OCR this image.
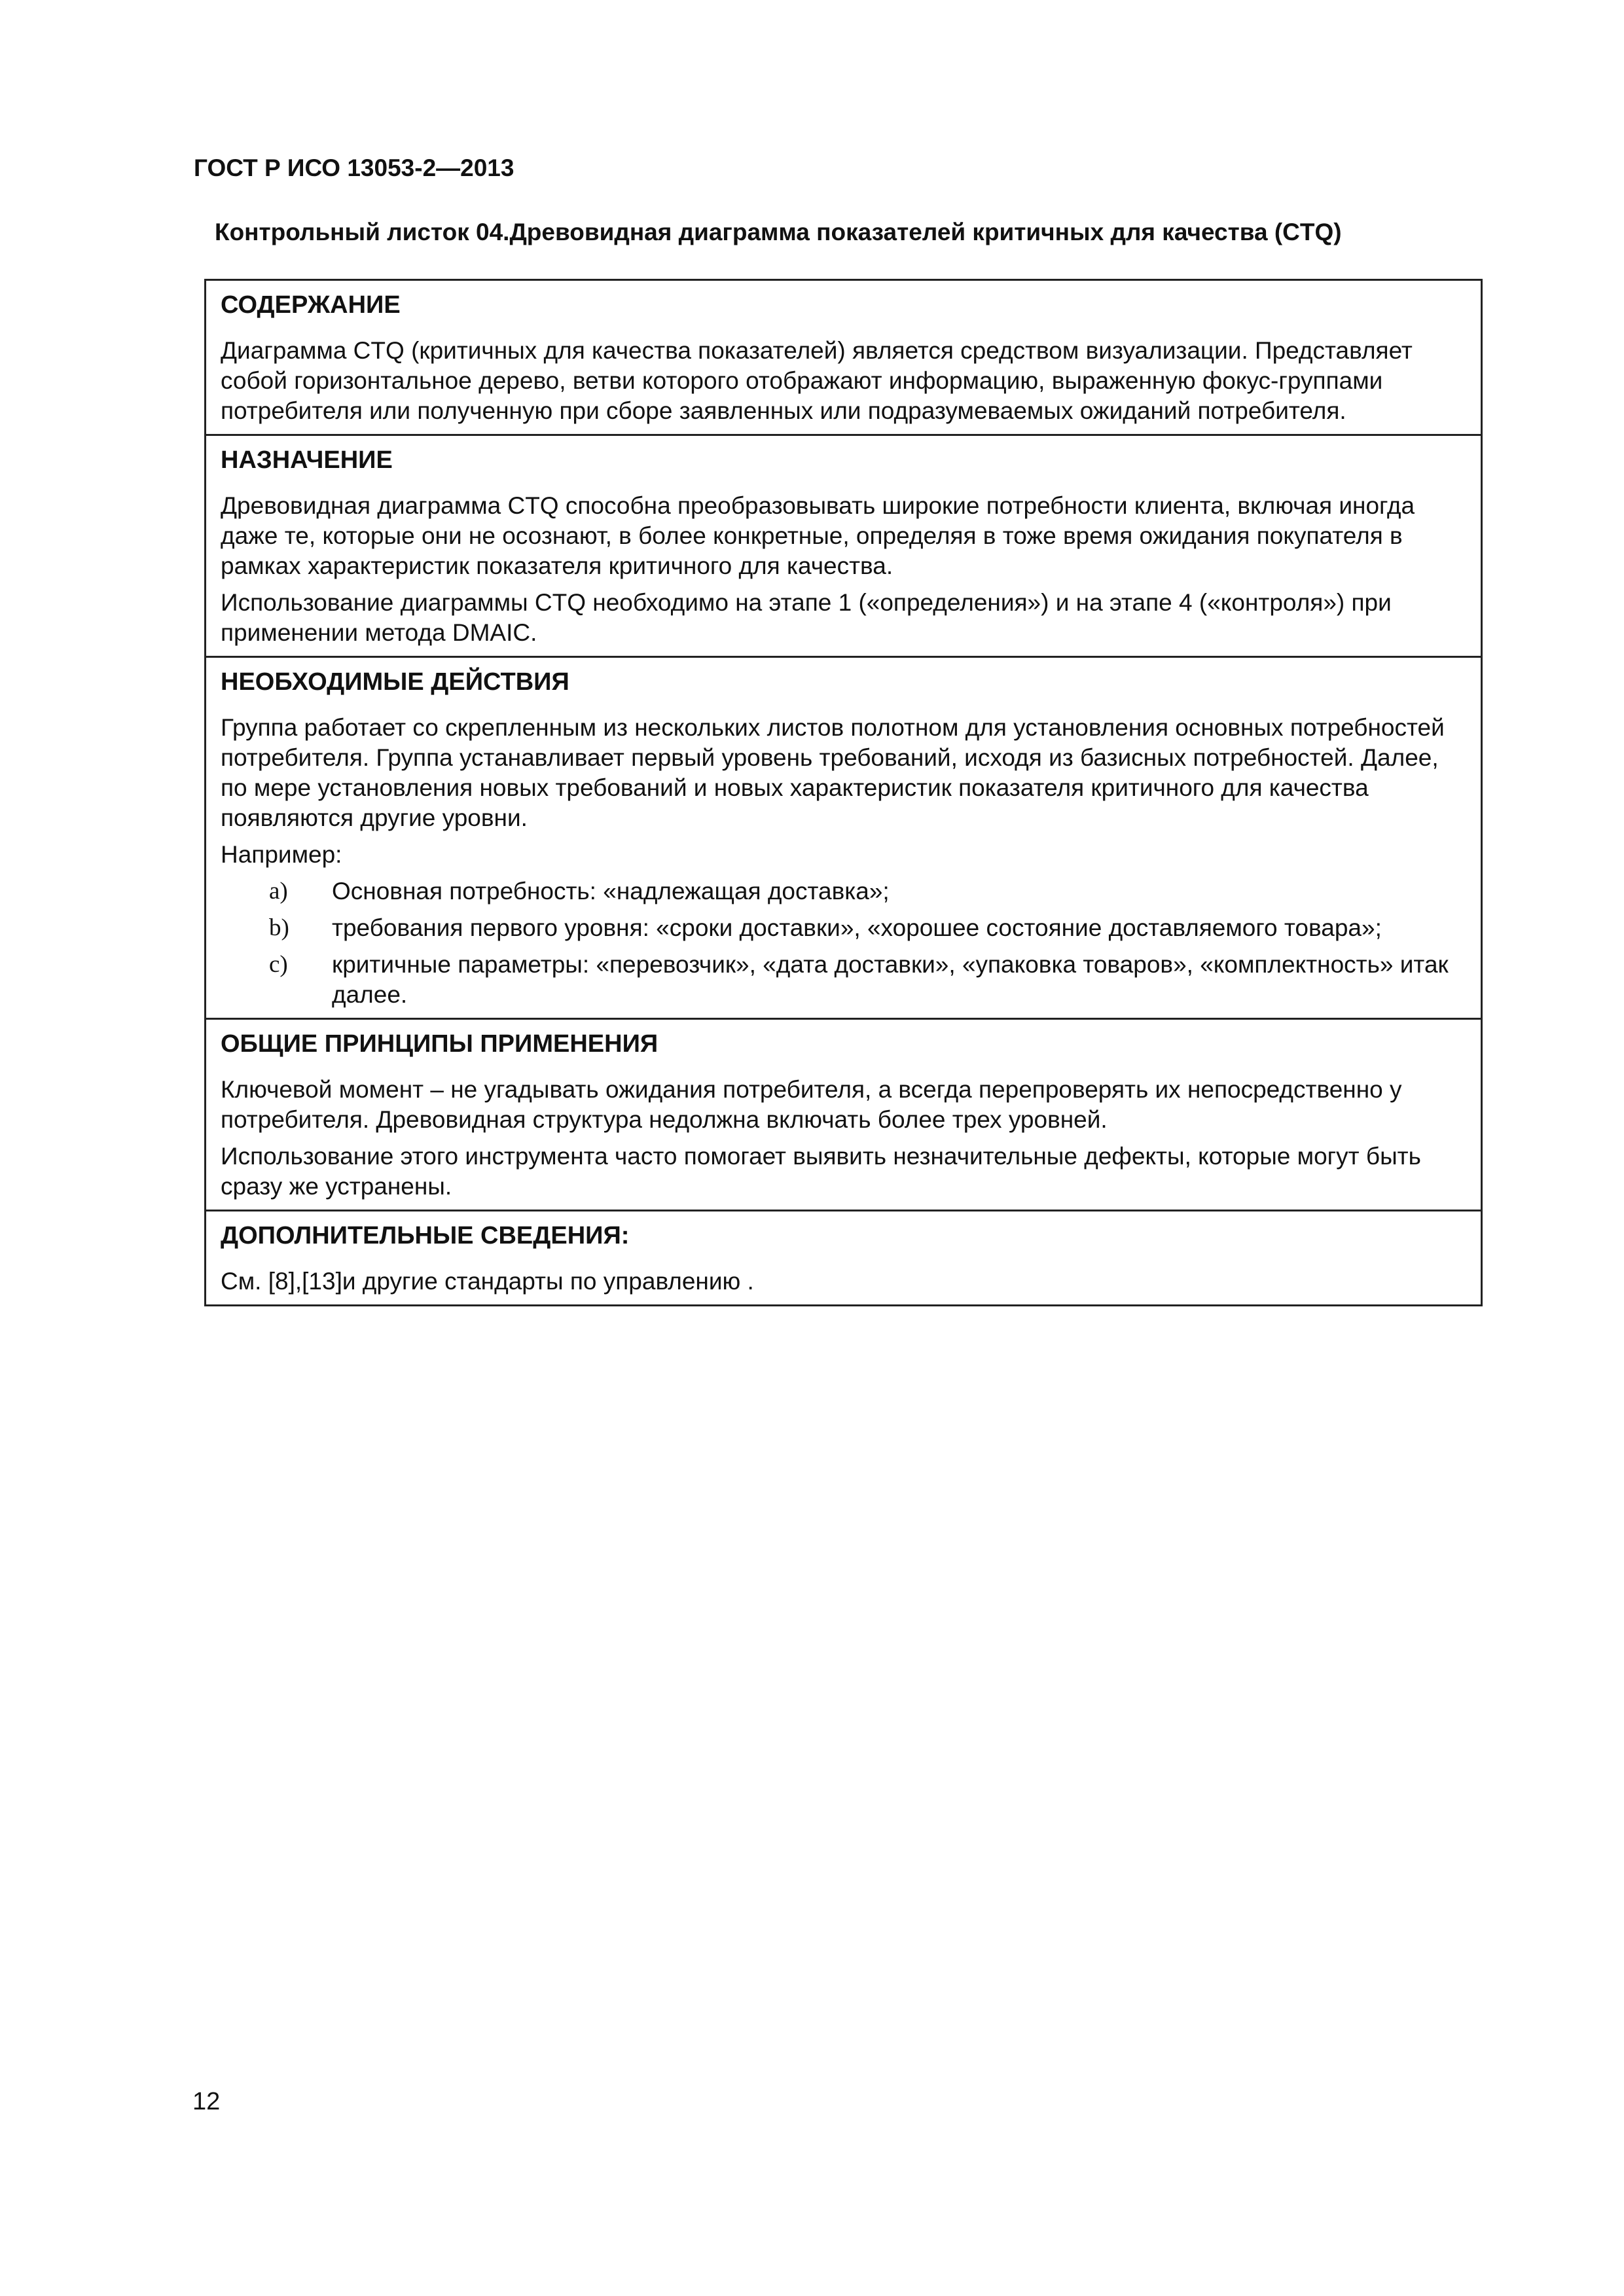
ГОСТ Р ИСО 13053-2—2013

Контрольный листок 04.Древовидная диаграмма показателей критичных для качества (CTQ)

СОДЕРЖАНИЕ

Диаграмма CTQ (критичных для качества показателей) является средством визуализации. Представляет собой горизонтальное дерево, ветви которого отображают информацию, выраженную фокус-группами потребителя или полученную при сборе заявленных или подразумеваемых ожиданий потребителя.

НАЗНАЧЕНИЕ

Древовидная диаграмма CTQ способна преобразовывать широкие потребности клиента, включая иногда даже те, которые они не осознают, в более конкретные, определяя в тоже время ожидания покупателя в рамках характеристик показателя критичного для качества.

Использование диаграммы CTQ необходимо на этапе 1 («определения») и на этапе 4 («контроля») при применении метода DMAIC.

НЕОБХОДИМЫЕ ДЕЙСТВИЯ

Группа работает со скрепленным из нескольких листов полотном для установления основных потребностей потребителя. Группа устанавливает первый уровень требований, исходя из базисных потребностей. Далее, по мере установления новых требований и новых характеристик показателя критичного для качества появляются другие уровни.

Например:

a) Основная потребность: «надлежащая доставка»;
b) требования первого уровня: «сроки доставки», «хорошее состояние доставляемого товара»;
c) критичные параметры: «перевозчик», «дата доставки», «упаковка товаров», «комплектность» итак далее.
ОБЩИЕ ПРИНЦИПЫ ПРИМЕНЕНИЯ

Ключевой момент – не угадывать ожидания потребителя, а всегда перепроверять их непосредственно у потребителя. Древовидная структура недолжна включать более трех уровней.

Использование этого инструмента часто помогает выявить незначительные дефекты, которые могут быть сразу же устранены.

ДОПОЛНИТЕЛЬНЫЕ СВЕДЕНИЯ:

См. [8],[13]и другие стандарты по управлению .

12
